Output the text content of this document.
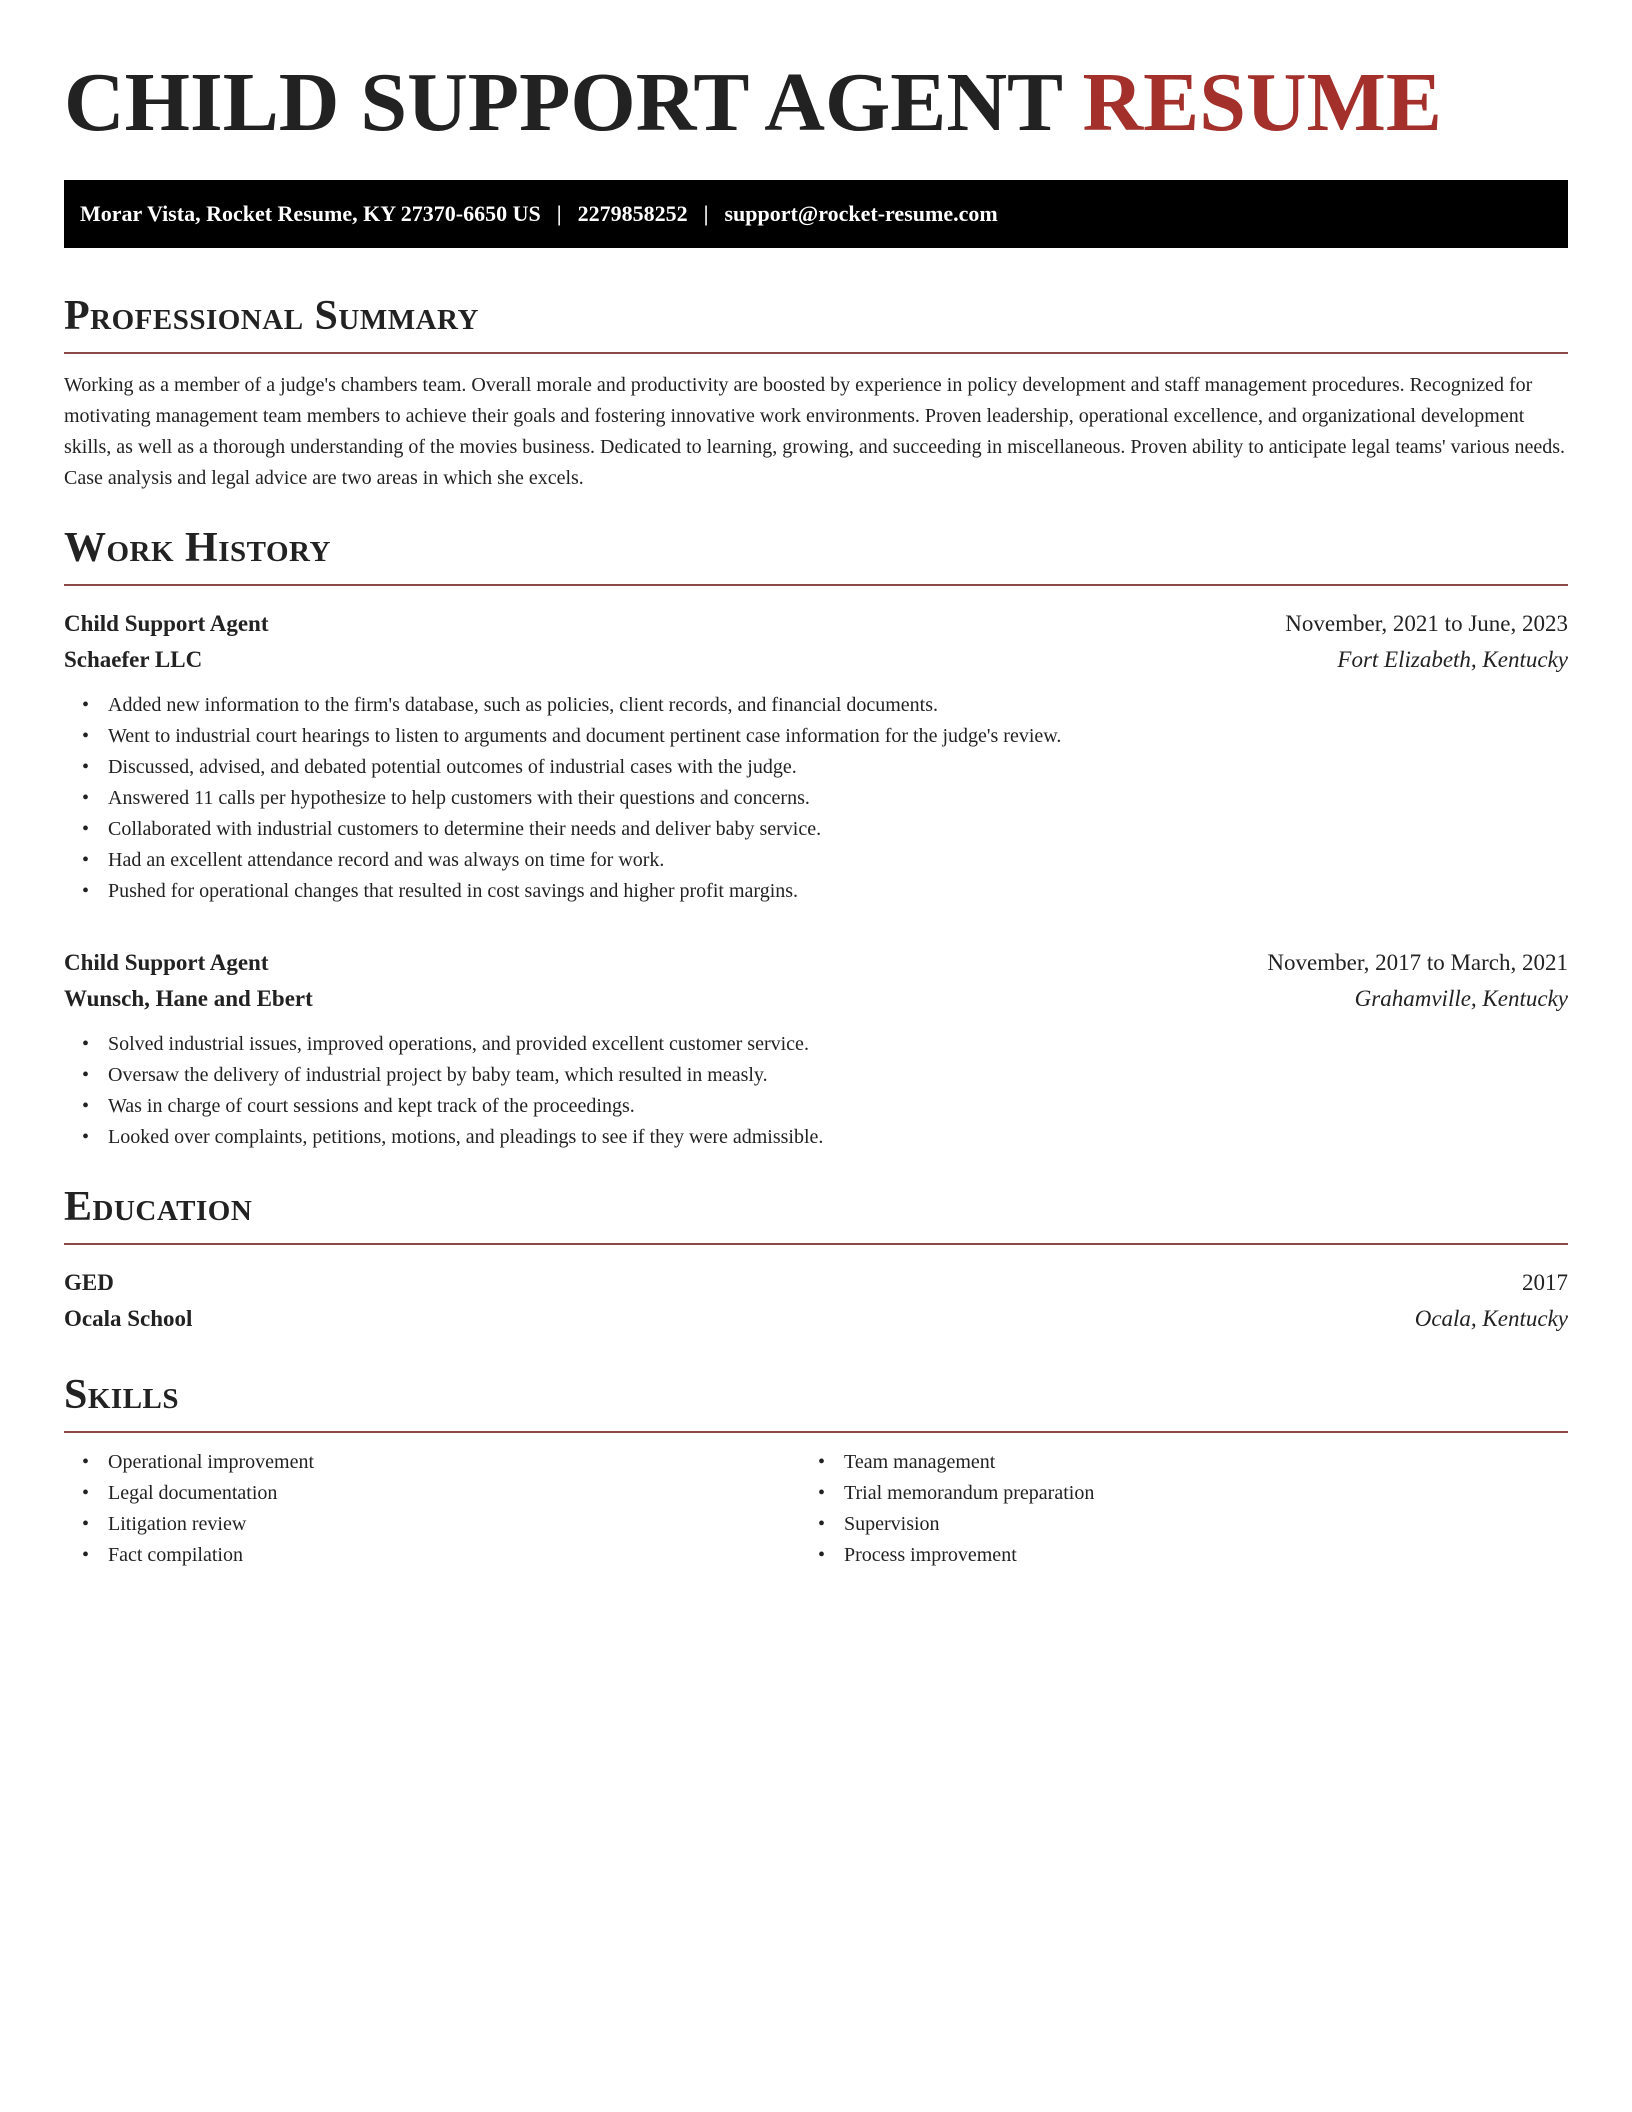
CHILD SUPPORT AGENT RESUME
Morar Vista, Rocket Resume, KY 27370-6650 US | 2279858252 | support@rocket-resume.com
Professional Summary

Working as a member of a judge's chambers team. Overall morale and productivity are boosted by experience in policy development and staff management procedures. Recognized for motivating management team members to achieve their goals and fostering innovative work environments. Proven leadership, operational excellence, and organizational development skills, as well as a thorough understanding of the movies business. Dedicated to learning, growing, and succeeding in miscellaneous. Proven ability to anticipate legal teams' various needs. Case analysis and legal advice are two areas in which she excels.

Work History
Child Support Agent	November, 2021 to June, 2023
Schaefer LLC	Fort Elizabeth, Kentucky
• Added new information to the firm's database, such as policies, client records, and financial documents.
• Went to industrial court hearings to listen to arguments and document pertinent case information for the judge's review.
• Discussed, advised, and debated potential outcomes of industrial cases with the judge.
• Answered 11 calls per hypothesize to help customers with their questions and concerns.
• Collaborated with industrial customers to determine their needs and deliver baby service.
• Had an excellent attendance record and was always on time for work.
• Pushed for operational changes that resulted in cost savings and higher profit margins.
Child Support Agent	November, 2017 to March, 2021
Wunsch, Hane and Ebert	Grahamville, Kentucky
• Solved industrial issues, improved operations, and provided excellent customer service.
• Oversaw the delivery of industrial project by baby team, which resulted in measly.
• Was in charge of court sessions and kept track of the proceedings.
• Looked over complaints, petitions, motions, and pleadings to see if they were admissible.
Education
GED	2017
Ocala School	Ocala, Kentucky
Skills
• Operational improvement
• Legal documentation
• Litigation review
• Fact compilation
• Team management
• Trial memorandum preparation
• Supervision
• Process improvement
